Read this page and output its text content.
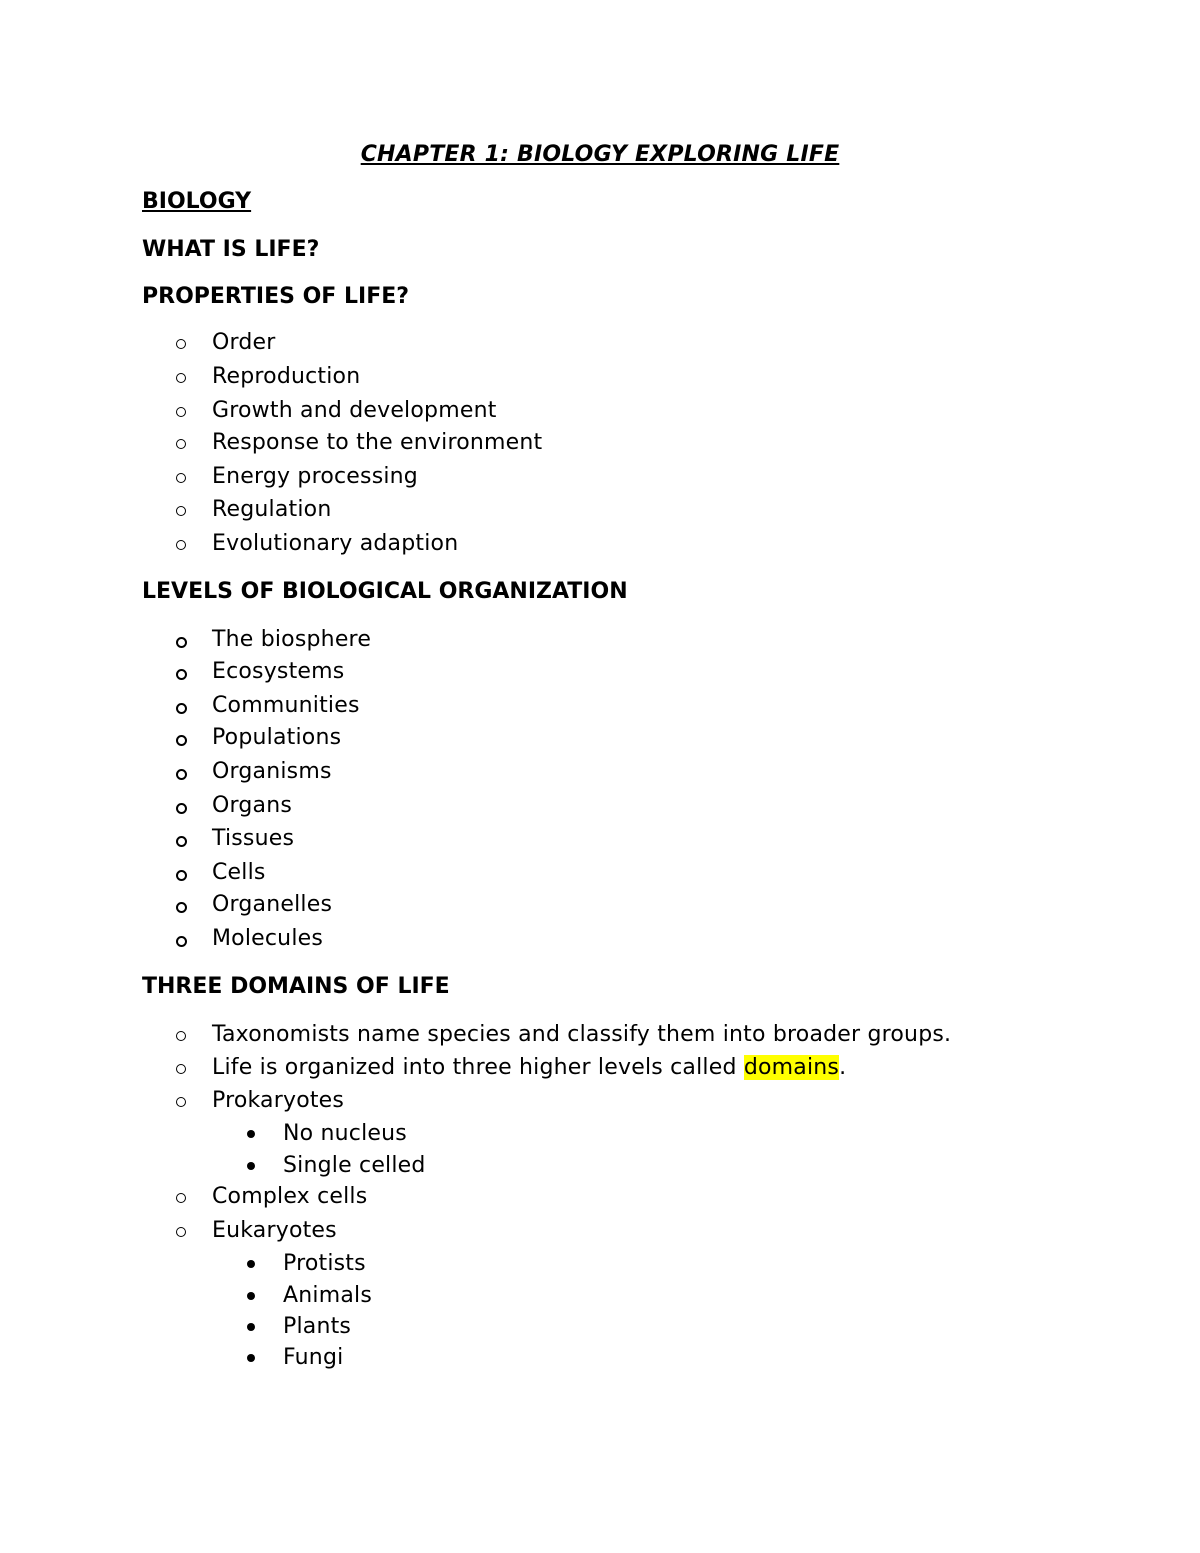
CHAPTER 1: BIOLOGY EXPLORING LIFE
BIOLOGY
WHAT IS LIFE?
PROPERTIES OF LIFE?
Order
Reproduction
Growth and development
Response to the environment
Energy processing
Regulation
Evolutionary adaption
LEVELS OF BIOLOGICAL ORGANIZATION
The biosphere
Ecosystems
Communities
Populations
Organisms
Organs
Tissues
Cells
Organelles
Molecules
THREE DOMAINS OF LIFE
Taxonomists name species and classify them into broader groups.
Life is organized into three higher levels called domains.
Prokaryotes
No nucleus
Single celled
Complex cells
Eukaryotes
Protists
Animals
Plants
Fungi
